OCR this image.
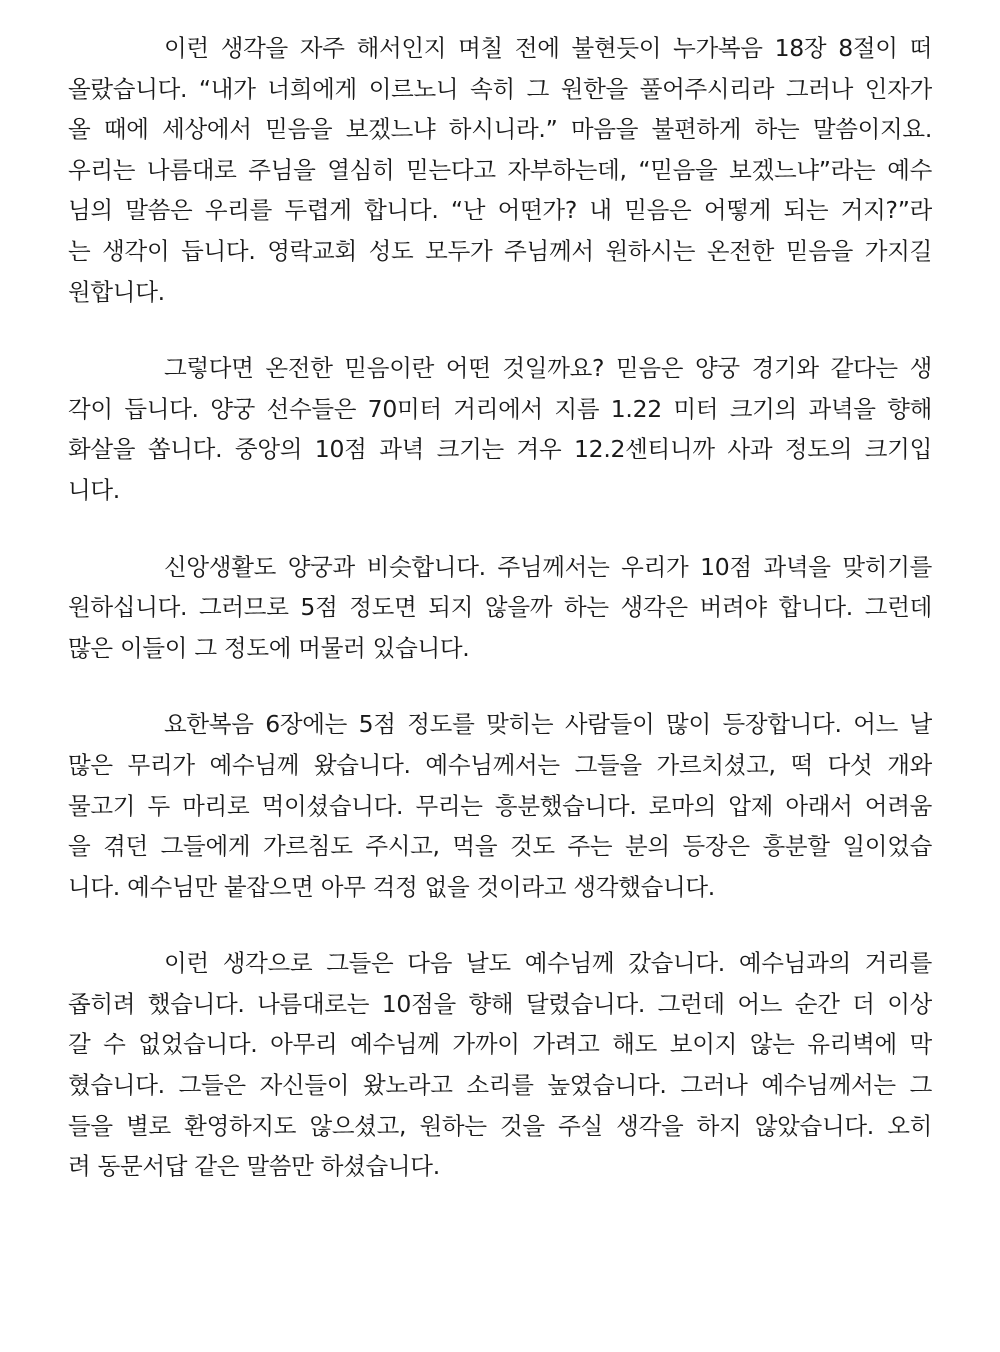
이런 생각을 자주 해서인지 며칠 전에 불현듯이 누가복음 18장 8절이 떠
올랐습니다. “내가 너희에게 이르노니 속히 그 원한을 풀어주시리라 그러나 인자가
올 때에 세상에서 믿음을 보겠느냐 하시니라.” 마음을 불편하게 하는 말씀이지요.
우리는 나름대로 주님을 열심히 믿는다고 자부하는데, “믿음을 보겠느냐”라는 예수
님의 말씀은 우리를 두렵게 합니다. “난 어떤가? 내 믿음은 어떻게 되는 거지?”라
는 생각이 듭니다. 영락교회 성도 모두가 주님께서 원하시는 온전한 믿음을 가지길
원합니다.
그렇다면 온전한 믿음이란 어떤 것일까요? 믿음은 양궁 경기와 같다는 생
각이 듭니다. 양궁 선수들은 70미터 거리에서 지름 1.22 미터 크기의 과녁을 향해
화살을 쏩니다. 중앙의 10점 과녁 크기는 겨우 12.2센티니까 사과 정도의 크기입
니다.
신앙생활도 양궁과 비슷합니다. 주님께서는 우리가 10점 과녁을 맞히기를
원하십니다. 그러므로 5점 정도면 되지 않을까 하는 생각은 버려야 합니다. 그런데
많은 이들이 그 정도에 머물러 있습니다.
요한복음 6장에는 5점 정도를 맞히는 사람들이 많이 등장합니다. 어느 날
많은 무리가 예수님께 왔습니다. 예수님께서는 그들을 가르치셨고, 떡 다섯 개와
물고기 두 마리로 먹이셨습니다. 무리는 흥분했습니다. 로마의 압제 아래서 어려움
을 겪던 그들에게 가르침도 주시고, 먹을 것도 주는 분의 등장은 흥분할 일이었습
니다. 예수님만 붙잡으면 아무 걱정 없을 것이라고 생각했습니다.
이런 생각으로 그들은 다음 날도 예수님께 갔습니다. 예수님과의 거리를
좁히려 했습니다. 나름대로는 10점을 향해 달렸습니다. 그런데 어느 순간 더 이상
갈 수 없었습니다. 아무리 예수님께 가까이 가려고 해도 보이지 않는 유리벽에 막
혔습니다. 그들은 자신들이 왔노라고 소리를 높였습니다. 그러나 예수님께서는 그
들을 별로 환영하지도 않으셨고, 원하는 것을 주실 생각을 하지 않았습니다. 오히
려 동문서답 같은 말씀만 하셨습니다.
